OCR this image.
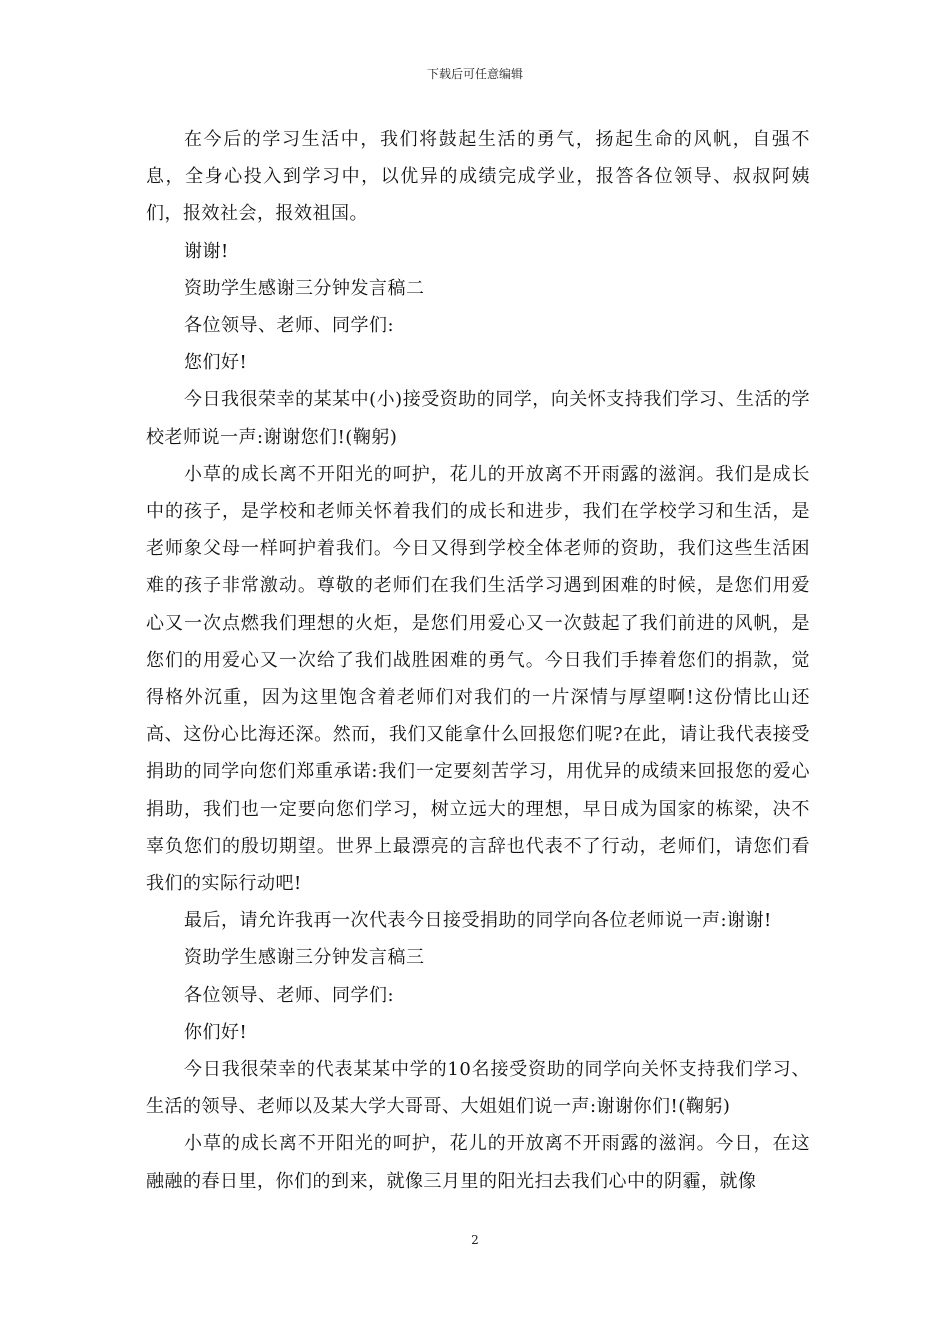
下载后可任意编辑

在今后的学习生活中，我们将鼓起生活的勇气，扬起生命的风帆，自强不息，全身心投入到学习中，以优异的成绩完成学业，报答各位领导、叔叔阿姨们，报效社会，报效祖国。

谢谢!

资助学生感谢三分钟发言稿二

各位领导、老师、同学们:

您们好!

今日我很荣幸的某某中(小)接受资助的同学，向关怀支持我们学习、生活的学校老师说一声:谢谢您们!(鞠躬)

小草的成长离不开阳光的呵护，花儿的开放离不开雨露的滋润。我们是成长中的孩子，是学校和老师关怀着我们的成长和进步，我们在学校学习和生活，是老师象父母一样呵护着我们。今日又得到学校全体老师的资助，我们这些生活困难的孩子非常激动。尊敬的老师们在我们生活学习遇到困难的时候，是您们用爱心又一次点燃我们理想的火炬，是您们用爱心又一次鼓起了我们前进的风帆，是您们的用爱心又一次给了我们战胜困难的勇气。今日我们手捧着您们的捐款，觉得格外沉重，因为这里饱含着老师们对我们的一片深情与厚望啊!这份情比山还高、这份心比海还深。然而，我们又能拿什么回报您们呢?在此，请让我代表接受捐助的同学向您们郑重承诺:我们一定要刻苦学习，用优异的成绩来回报您的爱心捐助，我们也一定要向您们学习，树立远大的理想，早日成为国家的栋梁，决不辜负您们的殷切期望。世界上最漂亮的言辞也代表不了行动，老师们，请您们看我们的实际行动吧!

最后，请允许我再一次代表今日接受捐助的同学向各位老师说一声:谢谢!

资助学生感谢三分钟发言稿三

各位领导、老师、同学们:

你们好!

今日我很荣幸的代表某某中学的10名接受资助的同学向关怀支持我们学习、生活的领导、老师以及某大学大哥哥、大姐姐们说一声:谢谢你们!(鞠躬)

小草的成长离不开阳光的呵护，花儿的开放离不开雨露的滋润。今日，在这融融的春日里，你们的到来，就像三月里的阳光扫去我们心中的阴霾，就像

2
